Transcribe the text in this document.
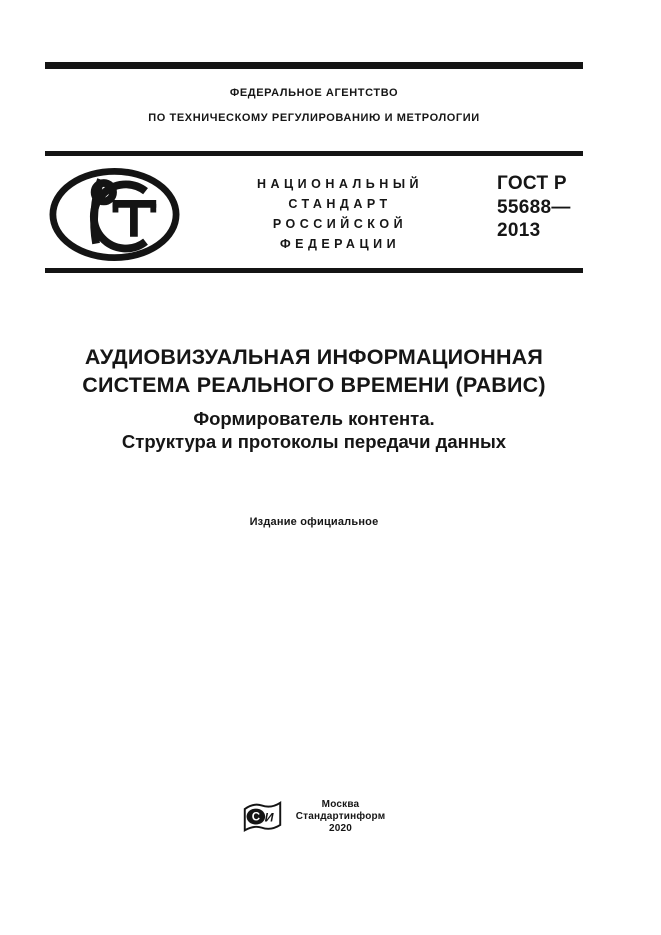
ФЕДЕРАЛЬНОЕ АГЕНТСТВО
ПО ТЕХНИЧЕСКОМУ РЕГУЛИРОВАНИЮ И МЕТРОЛОГИИ
НАЦИОНАЛЬНЫЙ
СТАНДАРТ
РОССИЙСКОЙ
ФЕДЕРАЦИИ
ГОСТ Р
55688—
2013
АУДИОВИЗУАЛЬНАЯ ИНФОРМАЦИОННАЯ
СИСТЕМА РЕАЛЬНОГО ВРЕМЕНИ (РАВИС)
Формирователь контента.
Структура и протоколы передачи данных
Издание официальное
С И
Москва
Стандартинформ
2020
